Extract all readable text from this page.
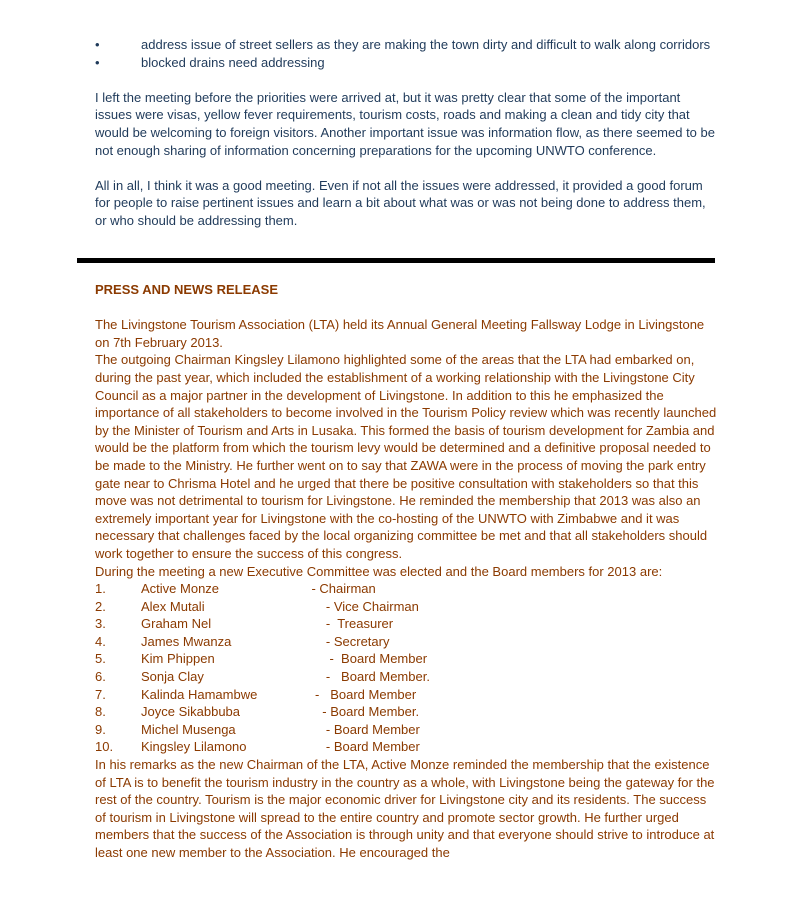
•	address issue of street sellers as they are making the town dirty and difficult to walk along corridors
•	blocked drains need addressing

I left the meeting before the priorities were arrived at, but it was pretty clear that some of the important issues were visas, yellow fever requirements, tourism costs, roads and making a clean and tidy city that would be welcoming to foreign visitors. Another important issue was information flow, as there seemed to be not enough sharing of information concerning preparations for the upcoming UNWTO conference.

All in all, I think it was a good meeting. Even if not all the issues were addressed, it provided a good forum for people to raise pertinent issues and learn a bit about what was or was not being done to address them, or who should be addressing them.

PRESS AND NEWS RELEASE

The Livingstone Tourism Association (LTA) held its Annual General Meeting Fallsway Lodge in Livingstone on 7th February 2013.

The outgoing Chairman Kingsley Lilamono highlighted some of the areas that the LTA had embarked on, during the past year, which included the establishment of a working relationship with the Livingstone City Council as a major partner in the development of Livingstone. In addition to this he emphasized the importance of all stakeholders to become involved in the Tourism Policy review which was recently launched by the Minister of Tourism and Arts in Lusaka. This formed the basis of tourism development for Zambia and would be the platform from which the tourism levy would be determined and a definitive proposal needed to be made to the Ministry. He further went on to say that ZAWA were in the process of moving the park entry gate near to Chrisma Hotel and he urged that there be positive consultation with stakeholders so that this move was not detrimental to tourism for Livingstone. He reminded the membership that 2013 was also an extremely important year for Livingstone with the co-hosting of the UNWTO with Zimbabwe and it was necessary that challenges faced by the local organizing committee be met and that all stakeholders should work together to ensure the success of this congress.

During the meeting a new Executive Committee was elected and the Board members for 2013 are:

1.	Active Monze	- Chairman
2.	Alex Mutali	- Vice Chairman
3.	Graham Nel	-  Treasurer
4.	James Mwanza	- Secretary
5.	Kim Phippen	-  Board Member
6.	Sonja Clay	-   Board Member.
7.	Kalinda Hamambwe	-   Board Member
8.	Joyce Sikabbuba	- Board Member.
9.	Michel Musenga	- Board Member
10.	Kingsley Lilamono	- Board Member

In his remarks as the new Chairman of the LTA, Active Monze reminded the membership that the existence of LTA is to benefit the tourism industry in the country as a whole, with Livingstone being the gateway for the rest of the country. Tourism is the major economic driver for Livingstone city and its residents. The success of tourism in Livingstone will spread to the entire country and promote sector growth. He further urged members that the success of the Association is through unity and that everyone should strive to introduce at least one new member to the Association. He encouraged the
